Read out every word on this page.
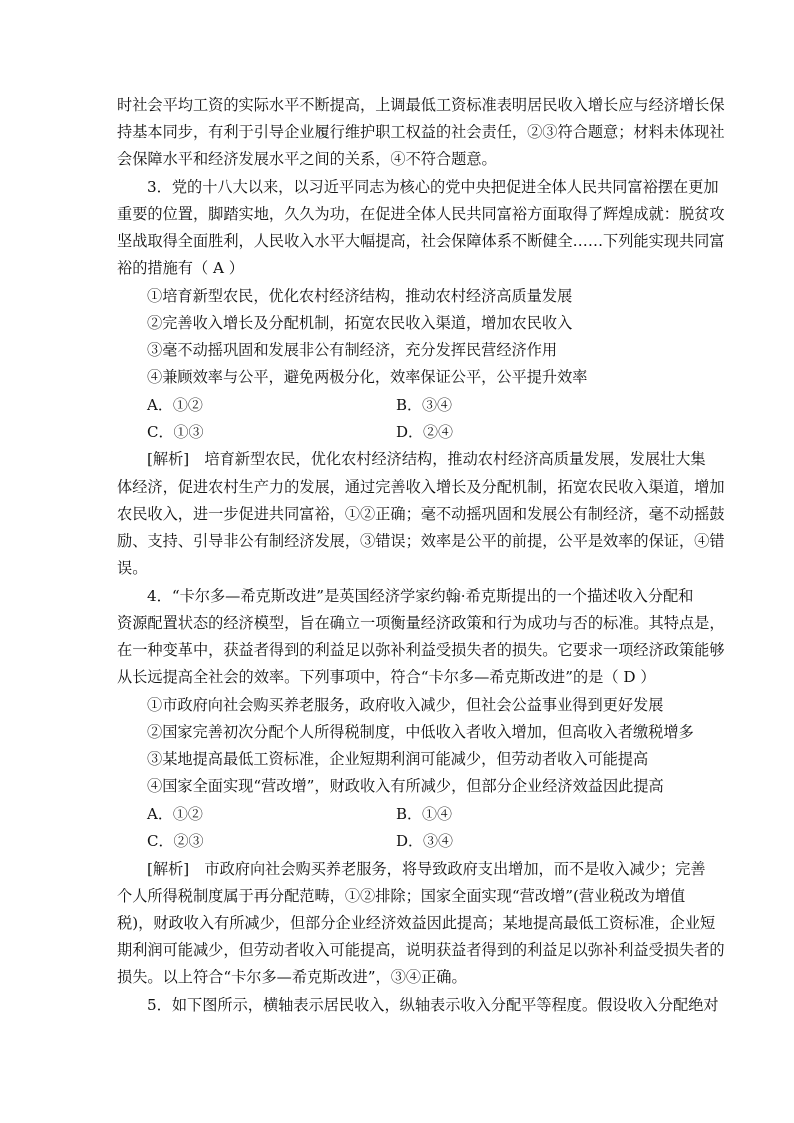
时社会平均工资的实际水平不断提高，上调最低工资标准表明居民收入增长应与经济增长保
持基本同步，有利于引导企业履行维护职工权益的社会责任，②③符合题意；材料未体现社
会保障水平和经济发展水平之间的关系，④不符合题意。
3．党的十八大以来，以习近平同志为核心的党中央把促进全体人民共同富裕摆在更加
重要的位置，脚踏实地，久久为功，在促进全体人民共同富裕方面取得了辉煌成就：脱贫攻
坚战取得全面胜利，人民收入水平大幅提高，社会保障体系不断健全……下列能实现共同富
裕的措施有（ A ）
①培育新型农民，优化农村经济结构，推动农村经济高质量发展
②完善收入增长及分配机制，拓宽农民收入渠道，增加农民收入
③毫不动摇巩固和发展非公有制经济，充分发挥民营经济作用
④兼顾效率与公平，避免两极分化，效率保证公平，公平提升效率
A．①②	B．③④
C．①③	D．②④
[解析]　培育新型农民，优化农村经济结构，推动农村经济高质量发展，发展壮大集
体经济，促进农村生产力的发展，通过完善收入增长及分配机制，拓宽农民收入渠道，增加
农民收入，进一步促进共同富裕，①②正确；毫不动摇巩固和发展公有制经济，毫不动摇鼓
励、支持、引导非公有制经济发展，③错误；效率是公平的前提，公平是效率的保证，④错
误。
4．“卡尔多—希克斯改进”是英国经济学家约翰·希克斯提出的一个描述收入分配和
资源配置状态的经济模型，旨在确立一项衡量经济政策和行为成功与否的标准。其特点是，
在一种变革中，获益者得到的利益足以弥补利益受损失者的损失。它要求一项经济政策能够
从长远提高全社会的效率。下列事项中，符合“卡尔多—希克斯改进”的是（ D ）
①市政府向社会购买养老服务，政府收入减少，但社会公益事业得到更好发展
②国家完善初次分配个人所得税制度，中低收入者收入增加，但高收入者缴税增多
③某地提高最低工资标准，企业短期利润可能减少，但劳动者收入可能提高
④国家全面实现“营改增”，财政收入有所减少，但部分企业经济效益因此提高
A．①②	B．①④
C．②③	D．③④
[解析]　市政府向社会购买养老服务，将导致政府支出增加，而不是收入减少；完善
个人所得税制度属于再分配范畴，①②排除；国家全面实现“营改增”(营业税改为增值
税)，财政收入有所减少，但部分企业经济效益因此提高；某地提高最低工资标准，企业短
期利润可能减少，但劳动者收入可能提高，说明获益者得到的利益足以弥补利益受损失者的
损失。以上符合“卡尔多—希克斯改进”，③④正确。
5．如下图所示，横轴表示居民收入，纵轴表示收入分配平等程度。假设收入分配绝对
